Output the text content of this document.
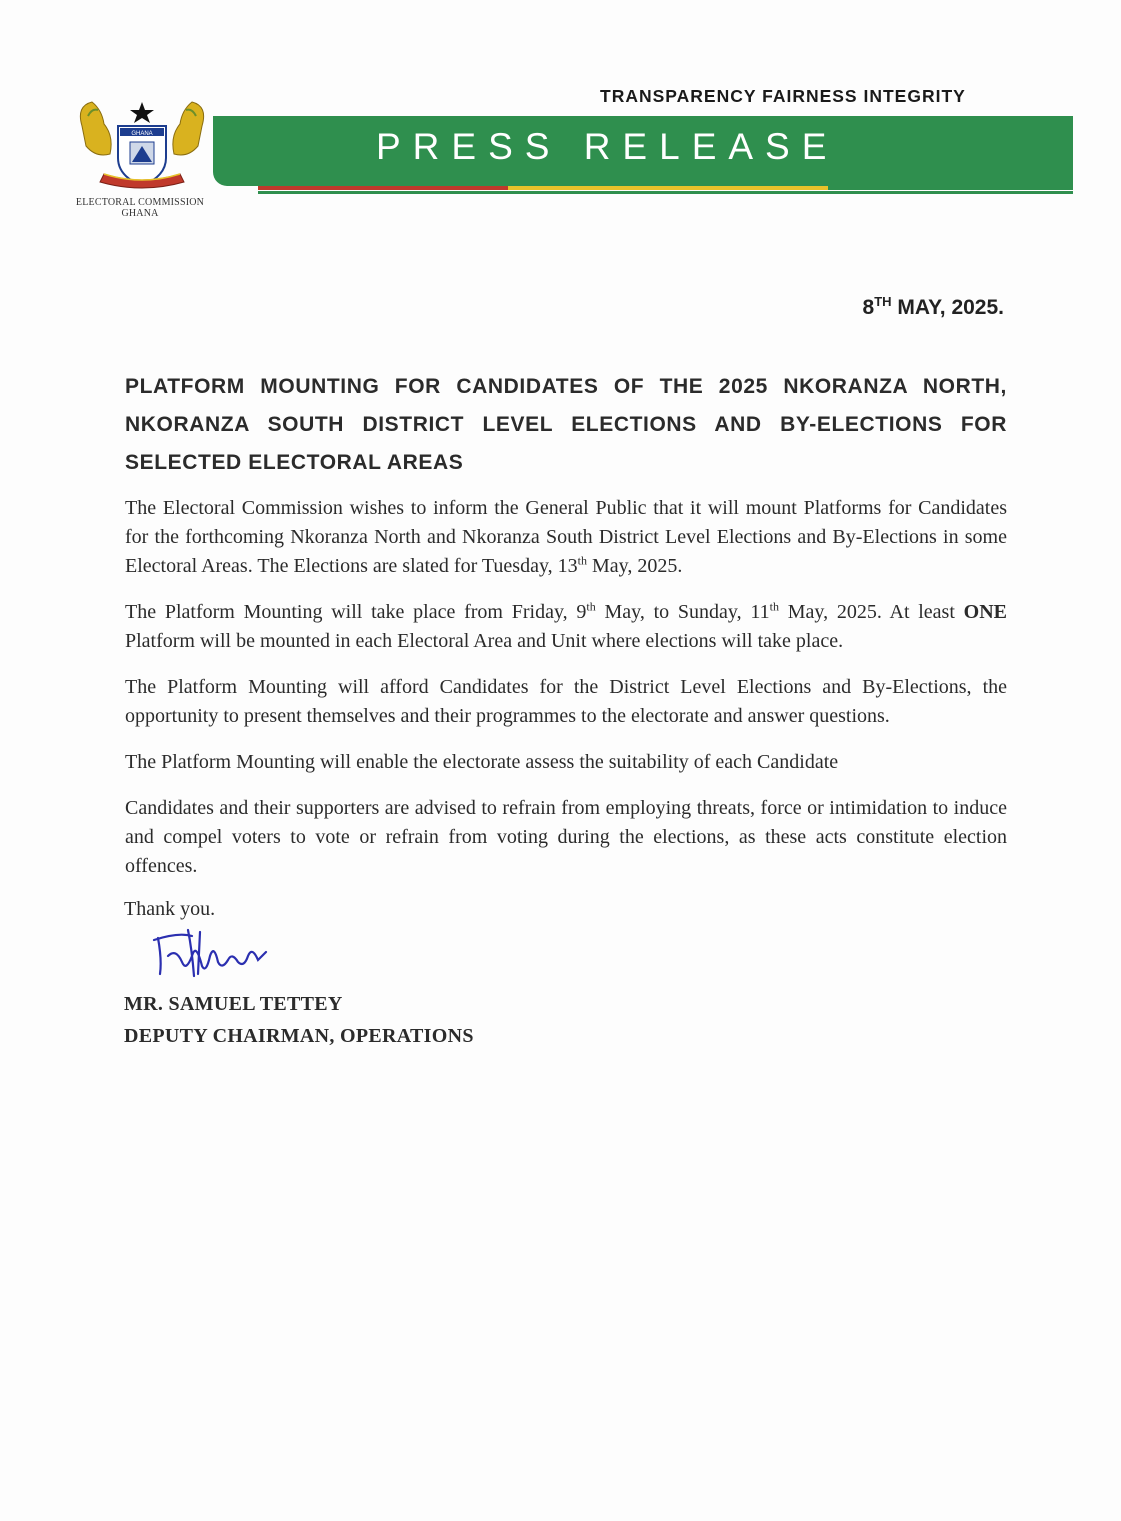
GHANA
ELECTORAL COMMISSION
GHANA
TRANSPARENCY FAIRNESS INTEGRITY
PRESS RELEASE
8TH MAY, 2025.
PLATFORM MOUNTING FOR CANDIDATES OF THE 2025 NKORANZA NORTH, NKORANZA SOUTH DISTRICT LEVEL ELECTIONS AND BY-ELECTIONS FOR SELECTED ELECTORAL AREAS

The Electoral Commission wishes to inform the General Public that it will mount Platforms for Candidates for the forthcoming Nkoranza North and Nkoranza South District Level Elections and By-Elections in some Electoral Areas. The Elections are slated for Tuesday, 13th May, 2025.

The Platform Mounting will take place from Friday, 9th May, to Sunday, 11th May, 2025. At least ONE Platform will be mounted in each Electoral Area and Unit where elections will take place.

The Platform Mounting will afford Candidates for the District Level Elections and By-Elections, the opportunity to present themselves and their programmes to the electorate and answer questions.

The Platform Mounting will enable the electorate assess the suitability of each Candidate

Candidates and their supporters are advised to refrain from employing threats, force or intimidation to induce and compel voters to vote or refrain from voting during the elections, as these acts constitute election offences.

Thank you.
MR. SAMUEL TETTEY
DEPUTY CHAIRMAN, OPERATIONS
